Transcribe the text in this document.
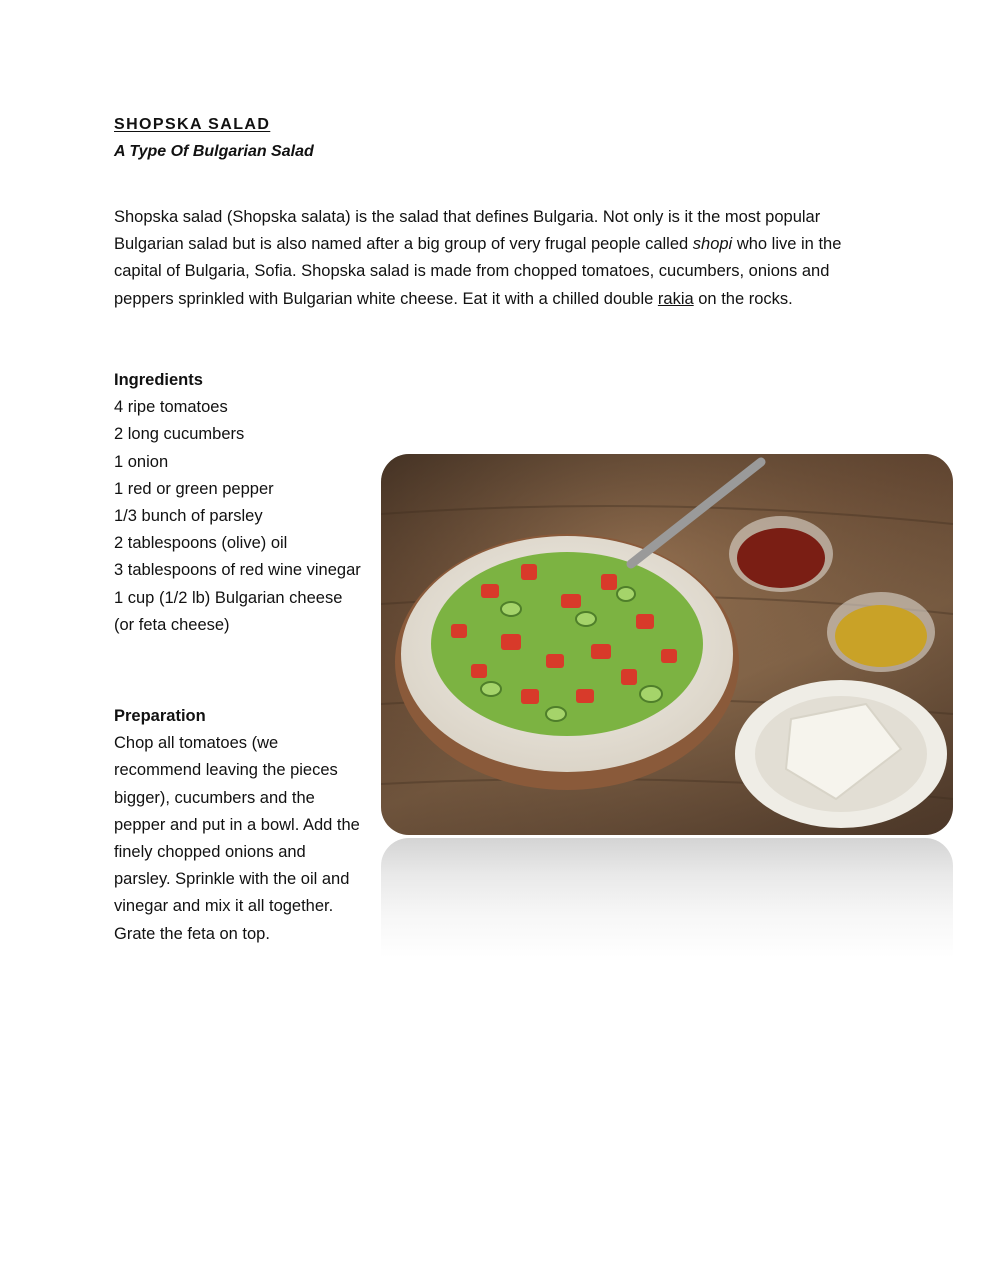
SHOPSKA SALAD
A Type Of Bulgarian Salad

Shopska salad (Shopska salata) is the salad that defines Bulgaria. Not only is it the most popular Bulgarian salad but is also named after a big group of very frugal people called shopi who live in the capital of Bulgaria, Sofia. Shopska salad is made from chopped tomatoes, cucumbers, onions and peppers sprinkled with Bulgarian white cheese. Eat it with a chilled double rakia on the rocks.

Ingredients
4 ripe tomatoes
2 long cucumbers
1 onion
1 red or green pepper
1/3 bunch of parsley
2 tablespoons (olive) oil
3 tablespoons of red wine vinegar
1 cup (1/2 lb) Bulgarian cheese (or feta cheese)
Preparation

Chop all tomatoes (we recommend leaving the pieces bigger), cucumbers and the pepper and put in a bowl. Add the finely chopped onions and parsley. Sprinkle with the oil and vinegar and mix it all together. Grate the feta on top.
